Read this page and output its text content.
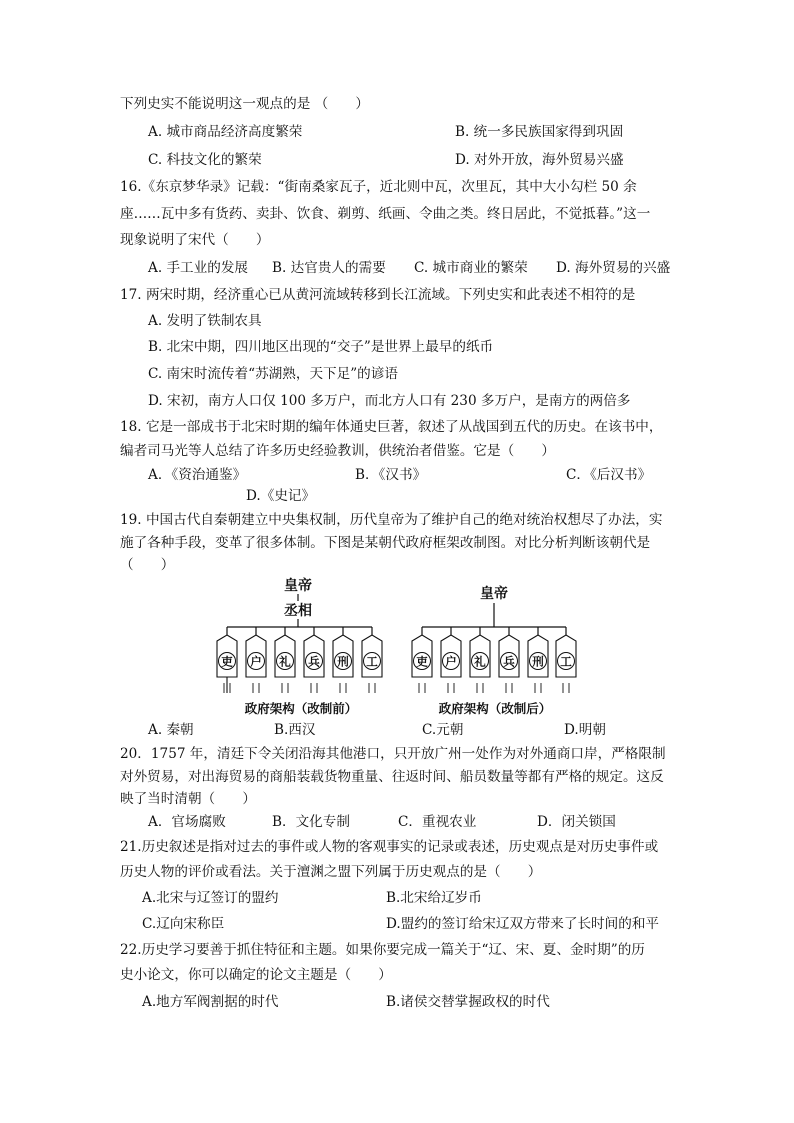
下列史实不能说明这一观点的是 （　　）
A. 城市商品经济高度繁荣	B. 统一多民族国家得到巩固
C. 科技文化的繁荣	D. 对外开放，海外贸易兴盛
16.《东京梦华录》记载：“街南桑家瓦子，近北则中瓦，次里瓦，其中大小勾栏 50 余
座……瓦中多有货药、卖卦、饮食、剃剪、纸画、令曲之类。终日居此，不觉抵暮。”这一
现象说明了宋代（　　）
A. 手工业的发展 B. 达官贵人的需要 C. 城市商业的繁荣 D. 海外贸易的兴盛
17. 两宋时期，经济重心已从黄河流域转移到长江流域。下列史实和此表述不相符的是
A. 发明了铁制农具
B. 北宋中期，四川地区出现的“交子”是世界上最早的纸币
C. 南宋时流传着“苏湖熟，天下足”的谚语
D. 宋初，南方人口仅 100 多万户，而北方人口有 230 多万户，是南方的两倍多
18. 它是一部成书于北宋时期的编年体通史巨著，叙述了从战国到五代的历史。在该书中，
编者司马光等人总结了许多历史经验教训，供统治者借鉴。它是（　　）
A．《资治通鉴》	B．《汉书》	C．《后汉书》
D.《史记》
19. 中国古代自秦朝建立中央集权制，历代皇帝为了维护自己的绝对统治权想尽了办法，实
施了各种手段，变革了很多体制。下图是某朝代政府框架改制图。对比分析判断该朝代是
（　　）
皇帝
丞相
吏 户 礼 兵 刑 工
政府架构（改制前）
皇帝
吏 户 礼 兵 刑 工
政府架构（改制后）
A. 秦朝	B.西汉	C.元朝	D.明朝
20．1757 年，清廷下令关闭沿海其他港口，只开放广州一处作为对外通商口岸，严格限制
对外贸易，对出海贸易的商船装载货物重量、往返时间、船员数量等都有严格的规定。这反
映了当时清朝（　　）
A．官场腐败	B．文化专制	C．重视农业	D．闭关锁国
21.历史叙述是指对过去的事件或人物的客观事实的记录或表述，历史观点是对历史事件或
历史人物的评价或看法。关于澶渊之盟下列属于历史观点的是（　　）
A.北宋与辽签订的盟约	B.北宋给辽岁币
C.辽向宋称臣	D.盟约的签订给宋辽双方带来了长时间的和平
22.历史学习要善于抓住特征和主题。如果你要完成一篇关于“辽、宋、夏、金时期”的历
史小论文，你可以确定的论文主题是（　　）
A.地方军阀割据的时代	B.诸侯交替掌握政权的时代
